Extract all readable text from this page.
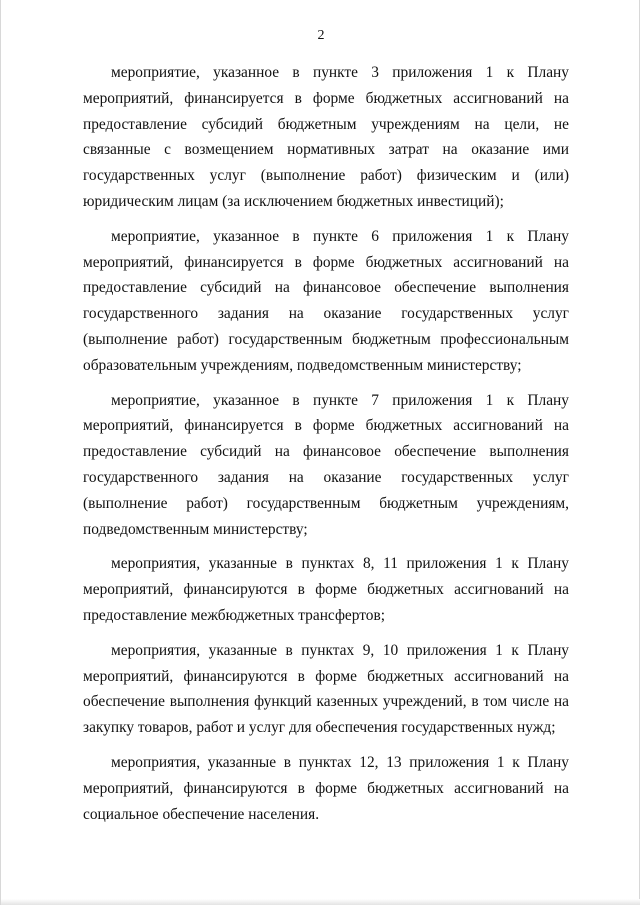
2

мероприятие, указанное в пункте 3 приложения 1 к Плану мероприятий, финансируется в форме бюджетных ассигнований на предоставление субсидий бюджетным учреждениям на цели, не связанные с возмещением нормативных затрат на оказание ими государственных услуг (выполнение работ) физическим и (или) юридическим лицам (за исключением бюджетных инвестиций);

мероприятие, указанное в пункте 6 приложения 1 к Плану мероприятий, финансируется в форме бюджетных ассигнований на предоставление субсидий на финансовое обеспечение выполнения государственного задания на оказание государственных услуг (выполнение работ) государственным бюджетным профессиональным образовательным учреждениям, подведомственным министерству;

мероприятие, указанное в пункте 7 приложения 1 к Плану мероприятий, финансируется в форме бюджетных ассигнований на предоставление субсидий на финансовое обеспечение выполнения государственного задания на оказание государственных услуг (выполнение работ) государственным бюджетным учреждениям, подведомственным министерству;

мероприятия, указанные в пунктах 8, 11 приложения 1 к Плану мероприятий, финансируются в форме бюджетных ассигнований на предоставление межбюджетных трансфертов;

мероприятия, указанные в пунктах 9, 10 приложения 1 к Плану мероприятий, финансируются в форме бюджетных ассигнований на обеспечение выполнения функций казенных учреждений, в том числе на закупку товаров, работ и услуг для обеспечения государственных нужд;

мероприятия, указанные в пунктах 12, 13 приложения 1 к Плану мероприятий, финансируются в форме бюджетных ассигнований на социальное обеспечение населения.
